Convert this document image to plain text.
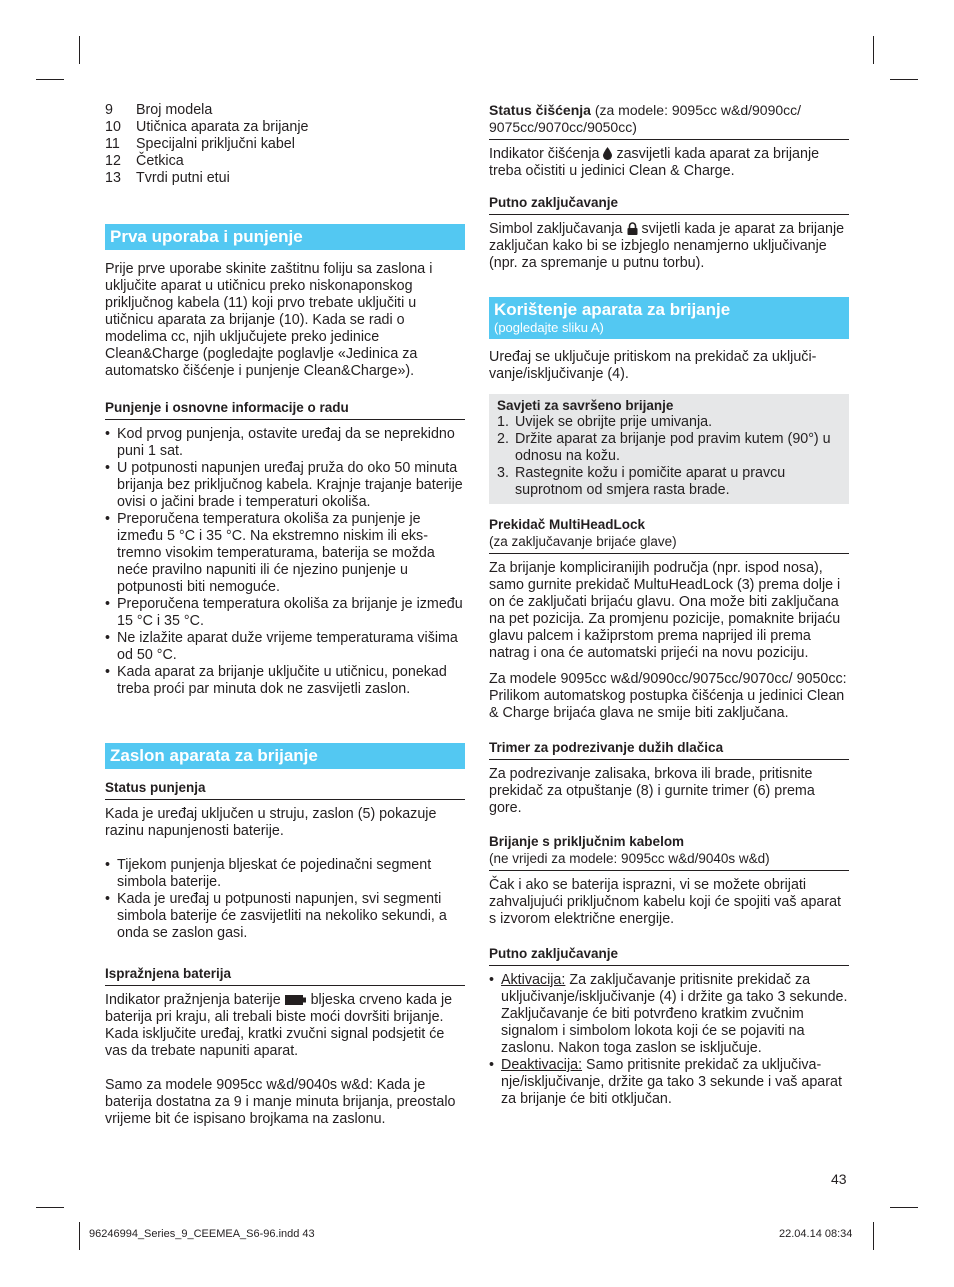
9	Broj modela
10	Utičnica aparata za brijanje
11	Specijalni priključni kabel
12	Četkica
13	Tvrdi putni etui
Prva uporaba i punjenje

Prije prve uporabe skinite zaštitnu foliju sa zaslona i uključite aparat u utičnicu preko niskonaponskog priključnog kabela (11) koji prvo trebate uključiti u utičnicu aparata za brijanje (10). Kada se radi o modelima cc, njih uključujete preko jedinice Clean&Charge (pogledajte poglavlje «Jedinica za automatsko čišćenje i punjenje Clean&Charge»).

Punjenje i osnovne informacije o radu
• Kod prvog punjenja, ostavite uređaj da se neprekidno puni 1 sat.
• U potpunosti napunjen uređaj pruža do oko 50 minuta brijanja bez priključnog kabela. Krajnje trajanje baterije ovisi o jačini brade i temperaturi okoliša.
• Preporučena temperatura okoliša za punjenje je između 5 °C i 35 °C. Na ekstremno niskim ili ekstremno visokim temperaturama, baterija se možda neće pravilno napuniti ili će njezino punjenje u potpunosti biti nemoguće.
• Preporučena temperatura okoliša za brijanje je između 15 °C i 35 °C.
• Ne izlažite aparat duže vrijeme temperaturama višima od 50 °C.
• Kada aparat za brijanje uključite u utičnicu, ponekad treba proći par minuta dok ne zasvijetli zaslon.
Zaslon aparata za brijanje
Status punjenja

Kada je uređaj uključen u struju, zaslon (5) pokazuje razinu napunjenosti baterije.

• Tijekom punjenja bljeskat će pojedinačni segment simbola baterije.
• Kada je uređaj u potpunosti napunjen, svi segmenti simbola baterije će zasvijetliti na nekoliko sekundi, a onda se zaslon gasi.
Ispražnjena baterija

Indikator pražnjenja baterije bljeska crveno kada je baterija pri kraju, ali trebali biste moći dovršiti brijanje. Kada isključite uređaj, kratki zvučni signal podsjetit će vas da trebate napuniti aparat.

Samo za modele 9095cc w&d/9040s w&d: Kada je baterija dostatna za 9 i manje minuta brijanja, preostalo vrijeme bit će ispisano brojkama na zaslonu.

Status čišćenja (za modele: 9095cc w&d/9090cc/ 9075cc/9070cc/9050cc)

Indikator čišćenja zasvijetli kada aparat za brijanje treba očistiti u jedinici Clean & Charge.

Putno zaključavanje

Simbol zaključavanja svijetli kada je aparat za brijanje zaključan kako bi se izbjeglo nenamjerno uključivanje (npr. za spremanje u putnu torbu).

Korištenje aparata za brijanje
(pogledajte sliku A)

Uređaj se uključuje pritiskom na prekidač za uključivanje/isključivanje (4).

Savjeti za savršeno brijanje
1. Uvijek se obrijte prije umivanja.
2. Držite aparat za brijanje pod pravim kutem (90°) u odnosu na kožu.
3. Rastegnite kožu i pomičite aparat u pravcu suprotnom od smjera rasta brade.
Prekidač MultiHeadLock
(za zaključavanje brijaće glave)

Za brijanje kompliciranijih područja (npr. ispod nosa), samo gurnite prekidač MultuHeadLock (3) prema dolje i on će zaključati brijaću glavu. Ona može biti zaključana na pet pozicija. Za promjenu pozicije, pomaknite brijaću glavu palcem i kažiprstom prema naprijed ili prema natrag i ona će automatski prijeći na novu poziciju.

Za modele 9095cc w&d/9090cc/9075cc/9070cc/ 9050cc: Prilikom automatskog postupka čišćenja u jedinici Clean & Charge brijaća glava ne smije biti zaključana.

Trimer za podrezivanje dužih dlačica

Za podrezivanje zalisaka, brkova ili brade, pritisnite prekidač za otpuštanje (8) i gurnite trimer (6) prema gore.

Brijanje s priključnim kabelom
(ne vrijedi za modele: 9095cc w&d/9040s w&d)

Čak i ako se baterija isprazni, vi se možete obrijati zahvaljujući priključnom kabelu koji će spojiti vaš aparat s izvorom električne energije.

Putno zaključavanje
• Aktivacija: Za zaključavanje pritisnite prekidač za uključivanje/isključivanje (4) i držite ga tako 3 sekunde. Zaključavanje će biti potvrđeno kratkim zvučnim signalom i simbolom lokota koji će se pojaviti na zaslonu. Nakon toga zaslon se isključuje.
• Deaktivacija: Samo pritisnite prekidač za uključivanje/isključivanje, držite ga tako 3 sekunde i vaš aparat za brijanje će biti otključan.
43
96246994_Series_9_CEEMEA_S6-96.indd 43	22.04.14 08:34
